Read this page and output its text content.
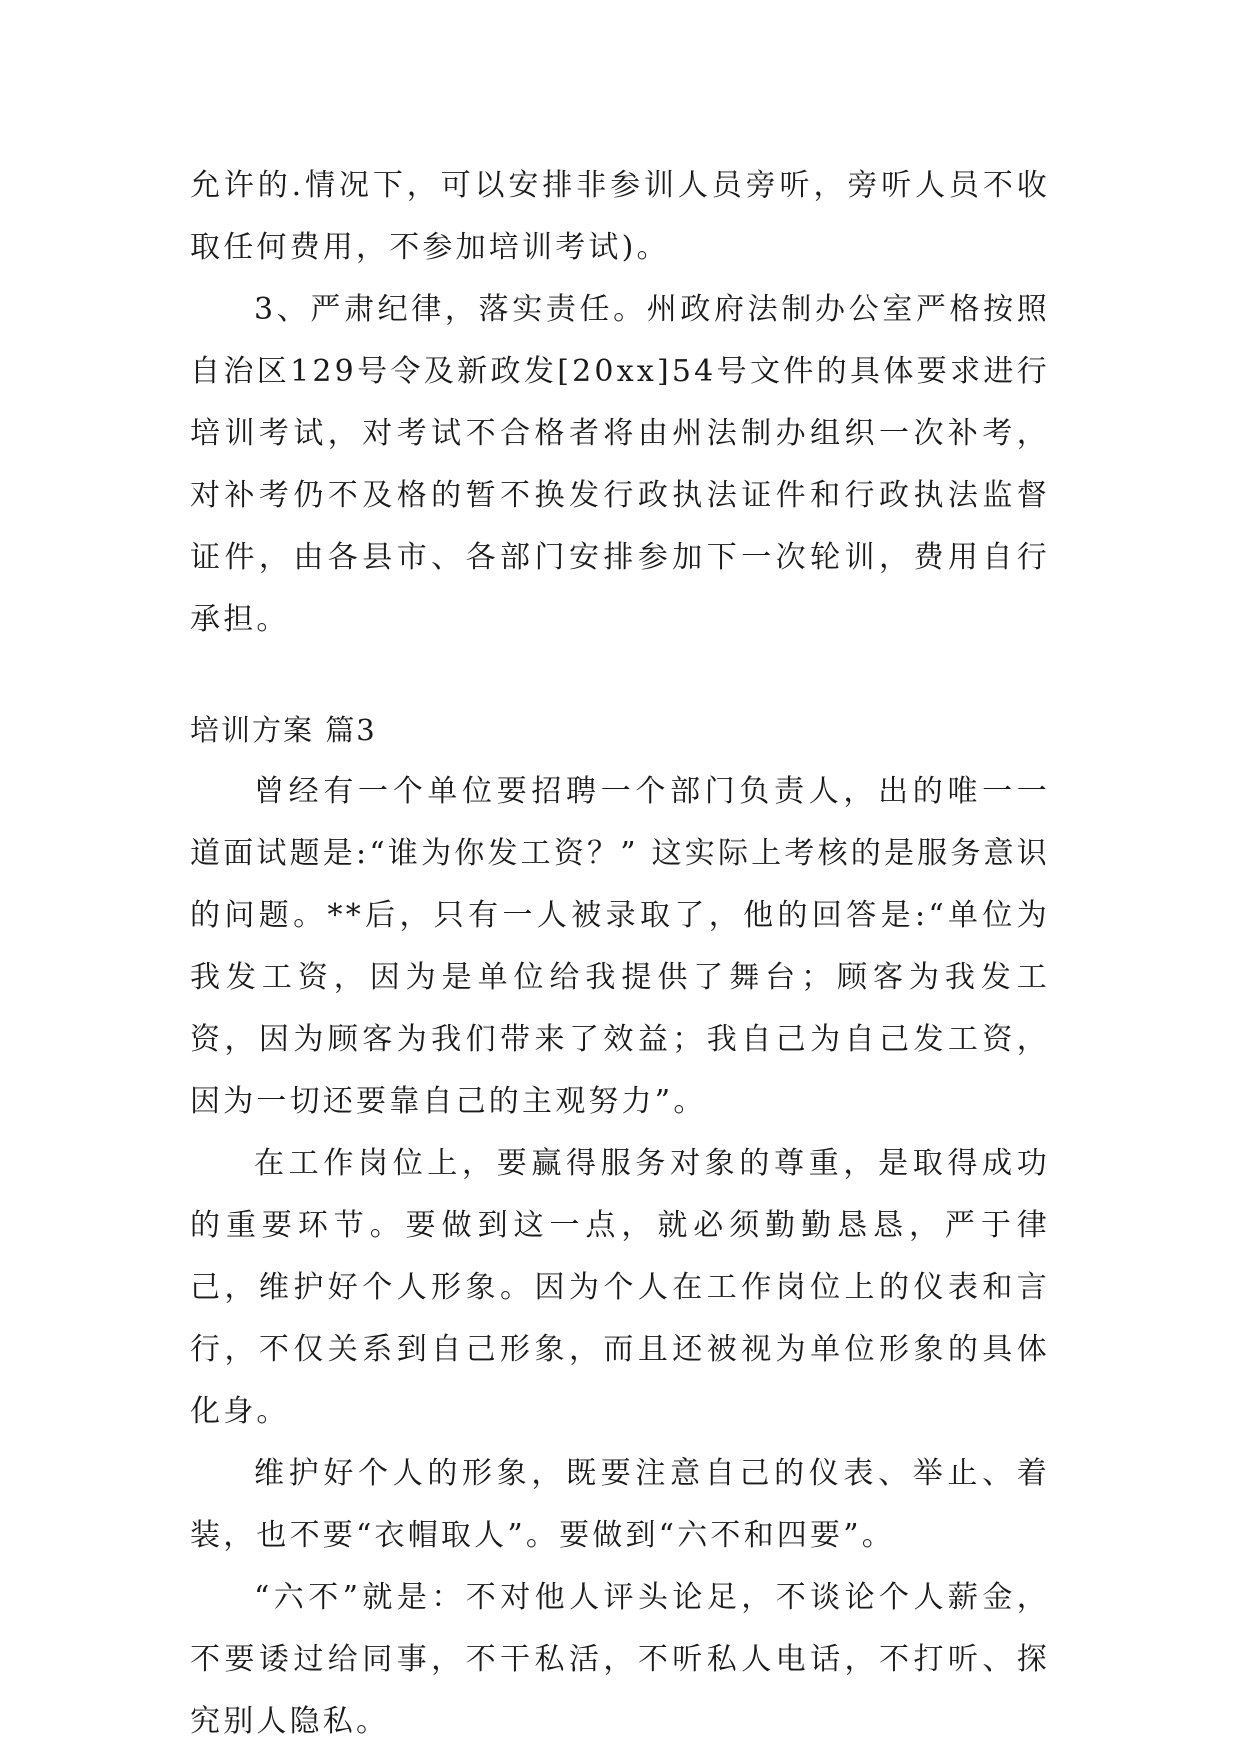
允许的.情况下，可以安排非参训人员旁听，旁听人员不收取任何费用，不参加培训考试)。

3、严肃纪律，落实责任。州政府法制办公室严格按照自治区129号令及新政发[20xx]54号文件的具体要求进行培训考试，对考试不合格者将由州法制办组织一次补考，对补考仍不及格的暂不换发行政执法证件和行政执法监督证件，由各县市、各部门安排参加下一次轮训，费用自行承担。

培训方案 篇3

曾经有一个单位要招聘一个部门负责人，出的唯一一道面试题是:“谁为你发工资？” 这实际上考核的是服务意识的问题。**后，只有一人被录取了，他的回答是:“单位为我发工资，因为是单位给我提供了舞台；顾客为我发工资，因为顾客为我们带来了效益；我自己为自己发工资，因为一切还要靠自己的主观努力”。

在工作岗位上，要赢得服务对象的尊重，是取得成功的重要环节。要做到这一点，就必须勤勤恳恳，严于律己，维护好个人形象。因为个人在工作岗位上的仪表和言行，不仅关系到自己形象，而且还被视为单位形象的具体化身。

维护好个人的形象，既要注意自己的仪表、举止、着装，也不要“衣帽取人”。要做到“六不和四要”。

“六不”就是：不对他人评头论足，不谈论个人薪金，不要诿过给同事，不干私活，不听私人电话，不打听、探究别人隐私。
